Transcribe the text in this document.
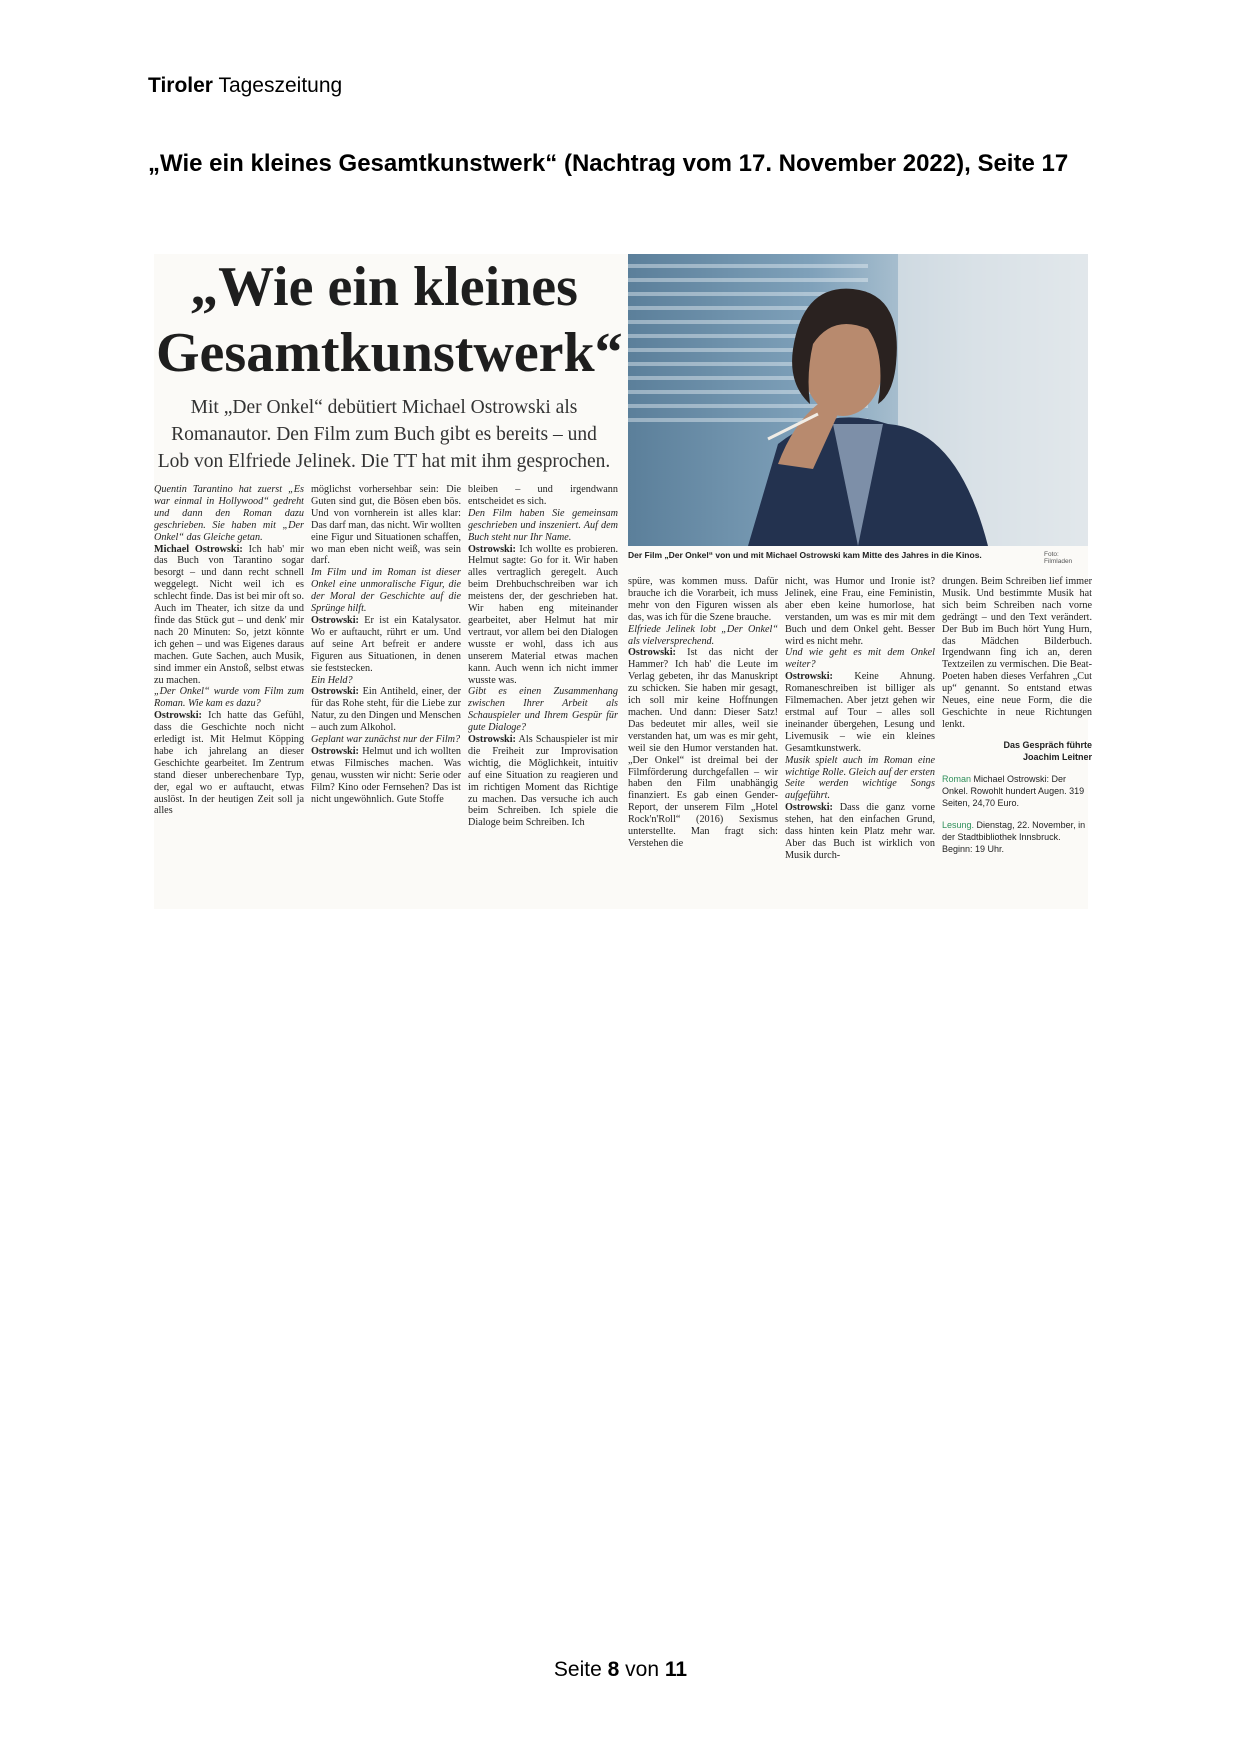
Tiroler Tageszeitung
„Wie ein kleines Gesamtkunstwerk“ (Nachtrag vom 17. November 2022), Seite 17
„Wie ein kleines
Gesamtkunstwerk“

Mit „Der Onkel“ debütiert Michael Ostrowski als Romanautor. Den Film zum Buch gibt es bereits – und Lob von Elfriede Jelinek. Die TT hat mit ihm gesprochen.

Der Film „Der Onkel“ von und mit Michael Ostrowski kam Mitte des Jahres in die Kinos.	Foto: Filmladen
Quentin Tarantino hat zuerst „Es war einmal in Hollywood“ gedreht und dann den Roman dazu geschrieben. Sie haben mit „Der Onkel“ das Gleiche getan.
Michael Ostrowski: Ich hab' mir das Buch von Tarantino sogar besorgt – und dann recht schnell weggelegt. Nicht weil ich es schlecht finde. Das ist bei mir oft so. Auch im Theater, ich sitze da und finde das Stück gut – und denk' mir nach 20 Minuten: So, jetzt könnte ich gehen – und was Eigenes daraus machen. Gute Sachen, auch Musik, sind immer ein Anstoß, selbst etwas zu machen.
„Der Onkel“ wurde vom Film zum Roman. Wie kam es dazu?
Ostrowski: Ich hatte das Gefühl, dass die Geschichte noch nicht erledigt ist. Mit Helmut Köpping habe ich jahrelang an dieser Geschichte gearbeitet. Im Zentrum stand dieser unberechenbare Typ, der, egal wo er auftaucht, etwas auslöst. In der heutigen Zeit soll ja alles
möglichst vorhersehbar sein: Die Guten sind gut, die Bösen eben bös. Und von vornherein ist alles klar: Das darf man, das nicht. Wir wollten eine Figur und Situationen schaffen, wo man eben nicht weiß, was sein darf.
Im Film und im Roman ist dieser Onkel eine unmoralische Figur, die der Moral der Geschichte auf die Sprünge hilft.
Ostrowski: Er ist ein Katalysator. Wo er auftaucht, rührt er um. Und auf seine Art befreit er andere Figuren aus Situationen, in denen sie feststecken.
Ein Held?
Ostrowski: Ein Antiheld, einer, der für das Rohe steht, für die Liebe zur Natur, zu den Dingen und Menschen – auch zum Alkohol.
Geplant war zunächst nur der Film?
Ostrowski: Helmut und ich wollten etwas Filmisches machen. Was genau, wussten wir nicht: Serie oder Film? Kino oder Fernsehen? Das ist nicht ungewöhnlich. Gute Stoffe
bleiben – und irgendwann entscheidet es sich.
Den Film haben Sie gemeinsam geschrieben und inszeniert. Auf dem Buch steht nur Ihr Name.
Ostrowski: Ich wollte es probieren. Helmut sagte: Go for it. Wir haben alles vertraglich geregelt. Auch beim Drehbuchschreiben war ich meistens der, der geschrieben hat. Wir haben eng miteinander gearbeitet, aber Helmut hat mir vertraut, vor allem bei den Dialogen wusste er wohl, dass ich aus unserem Material etwas machen kann. Auch wenn ich nicht immer wusste was.
Gibt es einen Zusammenhang zwischen Ihrer Arbeit als Schauspieler und Ihrem Gespür für gute Dialoge?
Ostrowski: Als Schauspieler ist mir die Freiheit zur Improvisation wichtig, die Möglichkeit, intuitiv auf eine Situation zu reagieren und im richtigen Moment das Richtige zu machen. Das versuche ich auch beim Schreiben. Ich spiele die Dialoge beim Schreiben. Ich
spüre, was kommen muss. Dafür brauche ich die Vorarbeit, ich muss mehr von den Figuren wissen als das, was ich für die Szene brauche.
Elfriede Jelinek lobt „Der Onkel“ als vielversprechend.
Ostrowski: Ist das nicht der Hammer? Ich hab' die Leute im Verlag gebeten, ihr das Manuskript zu schicken. Sie haben mir gesagt, ich soll mir keine Hoffnungen machen. Und dann: Dieser Satz! Das bedeutet mir alles, weil sie verstanden hat, um was es mir geht, weil sie den Humor verstanden hat. „Der Onkel“ ist dreimal bei der Filmförderung durchgefallen – wir haben den Film unabhängig finanziert. Es gab einen Gender-Report, der unserem Film „Hotel Rock'n'Roll“ (2016) Sexismus unterstellte. Man fragt sich: Verstehen die
nicht, was Humor und Ironie ist? Jelinek, eine Frau, eine Feministin, aber eben keine humorlose, hat verstanden, um was es mir mit dem Buch und dem Onkel geht. Besser wird es nicht mehr.
Und wie geht es mit dem Onkel weiter?
Ostrowski: Keine Ahnung. Romaneschreiben ist billiger als Filmemachen. Aber jetzt gehen wir erstmal auf Tour – alles soll ineinander übergehen, Lesung und Livemusik – wie ein kleines Gesamtkunstwerk.
Musik spielt auch im Roman eine wichtige Rolle. Gleich auf der ersten Seite werden wichtige Songs aufgeführt.
Ostrowski: Dass die ganz vorne stehen, hat den einfachen Grund, dass hinten kein Platz mehr war. Aber das Buch ist wirklich von Musik durch-
drungen. Beim Schreiben lief immer Musik. Und bestimmte Musik hat sich beim Schreiben nach vorne gedrängt – und den Text verändert. Der Bub im Buch hört Yung Hurn, das Mädchen Bilderbuch. Irgendwann fing ich an, deren Textzeilen zu vermischen. Die Beat-Poeten haben dieses Verfahren „Cut up“ genannt. So entstand etwas Neues, eine neue Form, die die Geschichte in neue Richtungen lenkt.
Das Gespräch führte
Joachim Leitner
Roman Michael Ostrowski: Der Onkel. Rowohlt hundert Augen. 319 Seiten, 24,70 Euro.
Lesung. Dienstag, 22. November, in der Stadtbibliothek Innsbruck. Beginn: 19 Uhr.
Seite 8 von 11
